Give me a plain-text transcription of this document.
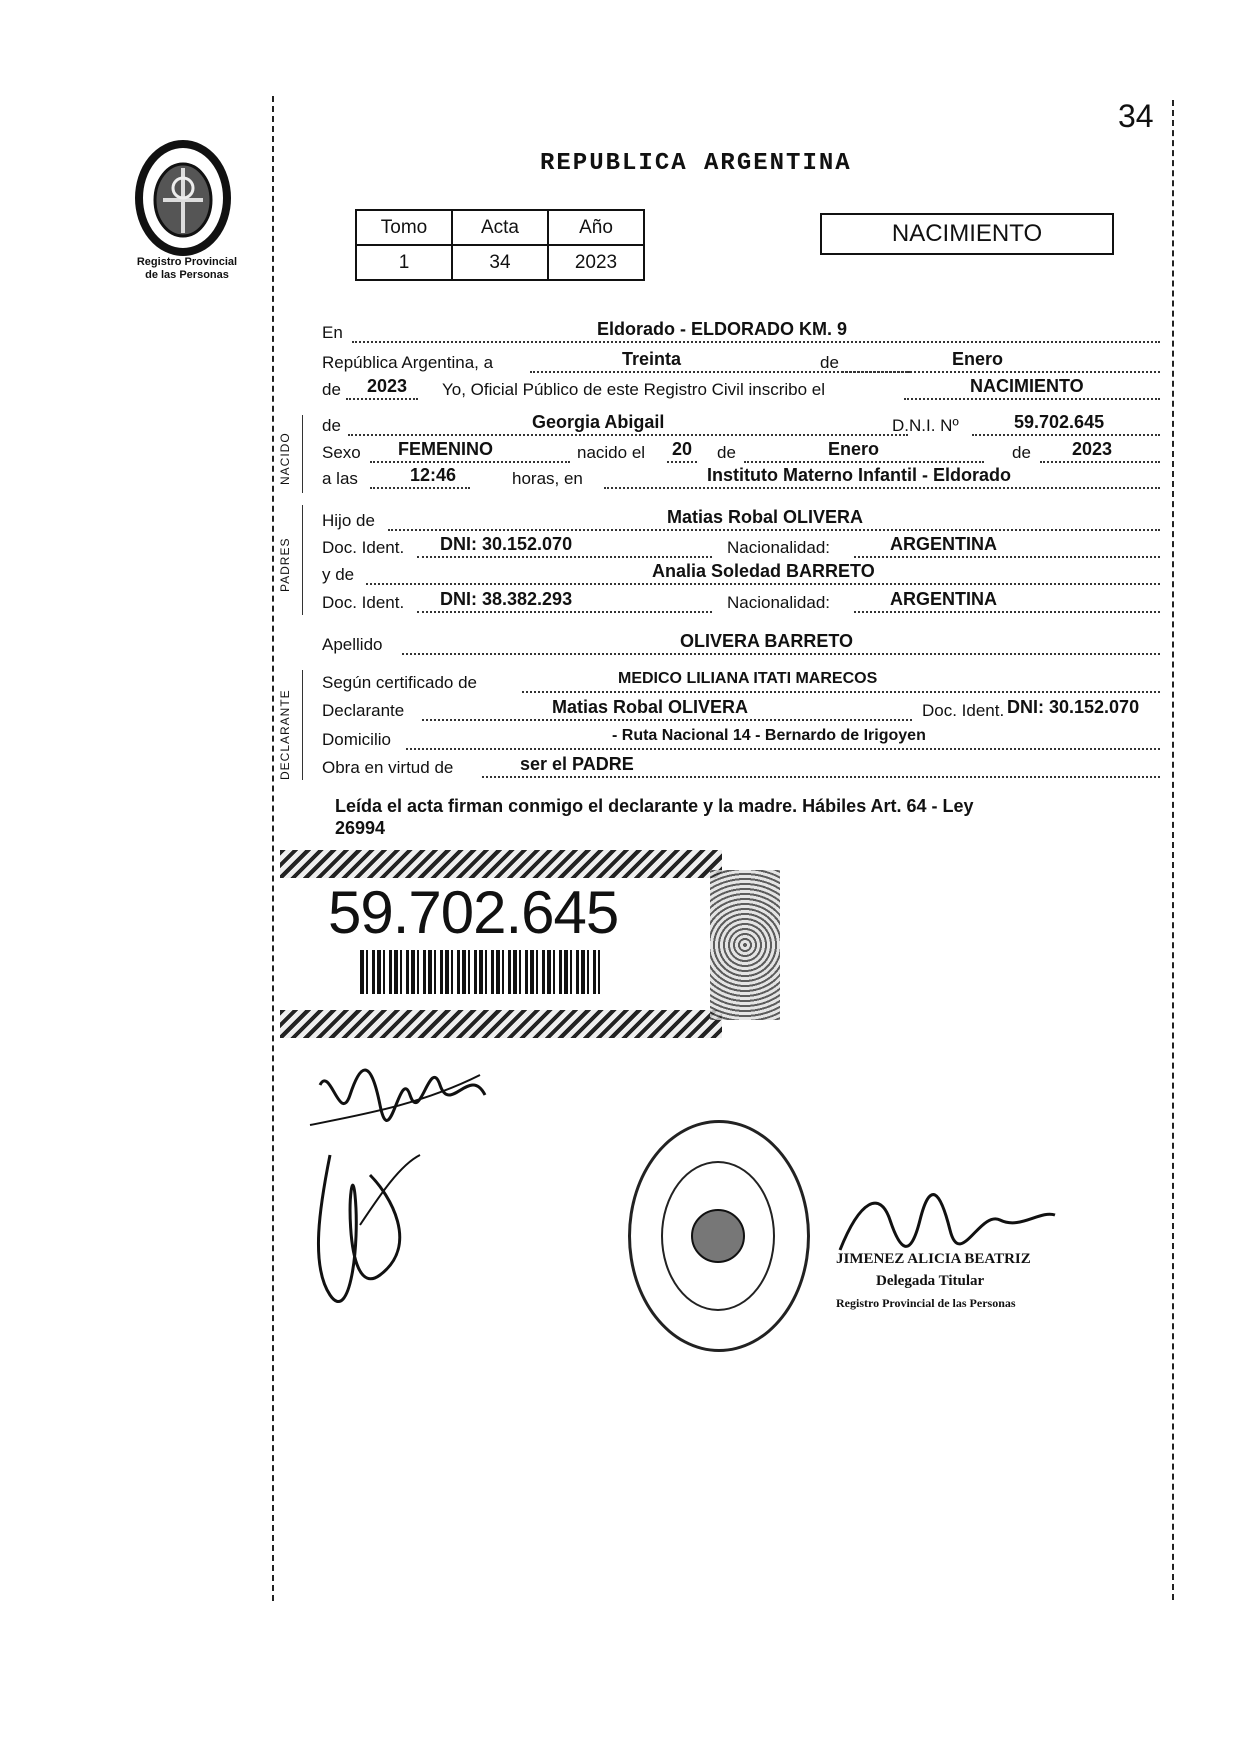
34
Registro Provincial
de las Personas
REPUBLICA ARGENTINA
Tomo	Acta	Año
1	34	2023
NACIMIENTO
En	Eldorado - ELDORADO KM. 9
República Argentina, a	Treinta	de	Enero
de 2023 Yo, Oficial Público de este Registro Civil inscribo el	NACIMIENTO
de	Georgia Abigail	D.N.I. Nº	59.702.645
Sexo FEMENINO	nacido el 20 de	Enero	de 2023
a las	12:46	horas, en	Instituto Materno Infantil - Eldorado
Hijo de	Matias Robal OLIVERA
Doc. Ident. DNI: 30.152.070	Nacionalidad:	ARGENTINA
y de	Analia Soledad BARRETO
Doc. Ident. DNI: 38.382.293	Nacionalidad:	ARGENTINA
Apellido	OLIVERA BARRETO
Según certificado de	MEDICO LILIANA ITATI MARECOS
Declarante	Matias Robal OLIVERA	Doc. Ident. DNI: 30.152.070
Domicilio	- Ruta Nacional 14 - Bernardo de Irigoyen
Obra en virtud de	ser el PADRE
NACIDO
PADRES
DECLARANTE
Leída el acta firman conmigo el declarante y la madre. Hábiles Art. 64 - Ley
26994
59.702.645
JIMENEZ ALICIA BEATRIZ
Delegada Titular
Registro Provincial de las Personas
